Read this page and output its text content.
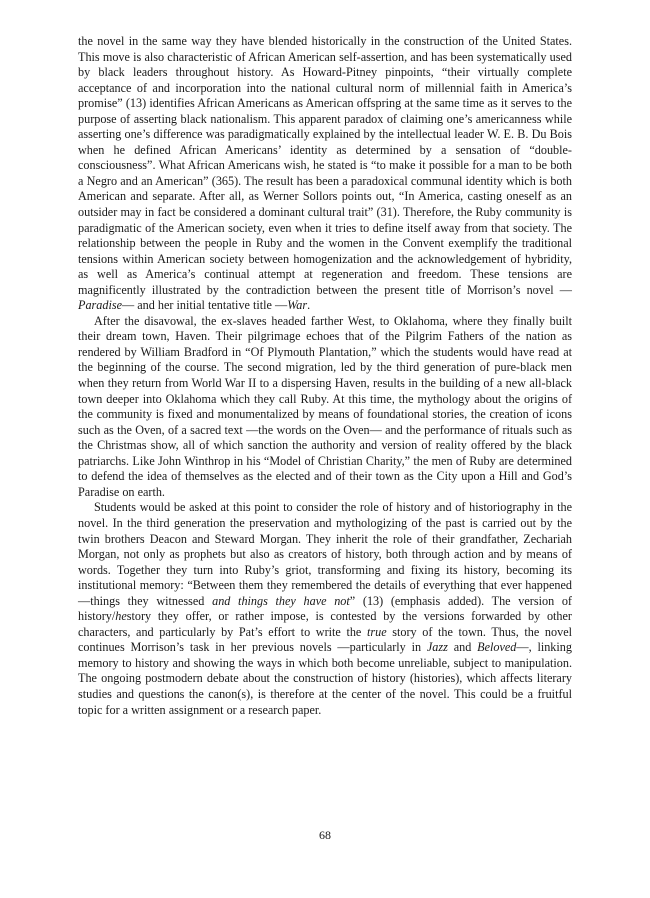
the novel in the same way they have blended historically in the construction of the United States. This move is also characteristic of African American self-assertion, and has been systematically used by black leaders throughout history. As Howard-Pitney pinpoints, “their virtually complete acceptance of and incorporation into the national cultural norm of millennial faith in America’s promise” (13) identifies African Americans as American offspring at the same time as it serves to the purpose of asserting black nationalism. This apparent paradox of claiming one’s americanness while asserting one’s difference was paradigmatically explained by the intellectual leader W. E. B. Du Bois when he defined African Americans’ identity as determined by a sensation of “double-consciousness”. What African Americans wish, he stated is “to make it possible for a man to be both a Negro and an American” (365). The result has been a paradoxical communal identity which is both American and separate. After all, as Werner Sollors points out, “In America, casting oneself as an outsider may in fact be considered a dominant cultural trait” (31). Therefore, the Ruby community is paradigmatic of the American society, even when it tries to define itself away from that society. The relationship between the people in Ruby and the women in the Convent exemplify the traditional tensions within American society between homogenization and the acknowledgement of hybridity, as well as America’s continual attempt at regeneration and freedom. These tensions are magnificently illustrated by the contradiction between the present title of Morrison’s novel —Paradise— and her initial tentative title —War.

After the disavowal, the ex-slaves headed farther West, to Oklahoma, where they finally built their dream town, Haven. Their pilgrimage echoes that of the Pilgrim Fathers of the nation as rendered by William Bradford in “Of Plymouth Plantation,” which the students would have read at the beginning of the course. The second migration, led by the third generation of pure-black men when they return from World War II to a dispersing Haven, results in the building of a new all-black town deeper into Oklahoma which they call Ruby. At this time, the mythology about the origins of the community is fixed and monumentalized by means of foundational stories, the creation of icons such as the Oven, of a sacred text —the words on the Oven— and the performance of rituals such as the Christmas show, all of which sanction the authority and version of reality offered by the black patriarchs. Like John Winthrop in his “Model of Christian Charity,” the men of Ruby are determined to defend the idea of themselves as the elected and of their town as the City upon a Hill and God’s Paradise on earth.

Students would be asked at this point to consider the role of history and of historiography in the novel. In the third generation the preservation and mythologizing of the past is carried out by the twin brothers Deacon and Steward Morgan. They inherit the role of their grandfather, Zechariah Morgan, not only as prophets but also as creators of history, both through action and by means of words. Together they turn into Ruby’s griot, transforming and fixing its history, becoming its institutional memory: “Between them they remembered the details of everything that ever happened —things they witnessed and things they have not” (13) (emphasis added). The version of history/hestory they offer, or rather impose, is contested by the versions forwarded by other characters, and particularly by Pat’s effort to write the true story of the town. Thus, the novel continues Morrison’s task in her previous novels —particularly in Jazz and Beloved—, linking memory to history and showing the ways in which both become unreliable, subject to manipulation. The ongoing postmodern debate about the construction of history (histories), which affects literary studies and questions the canon(s), is therefore at the center of the novel. This could be a fruitful topic for a written assignment or a research paper.

68
